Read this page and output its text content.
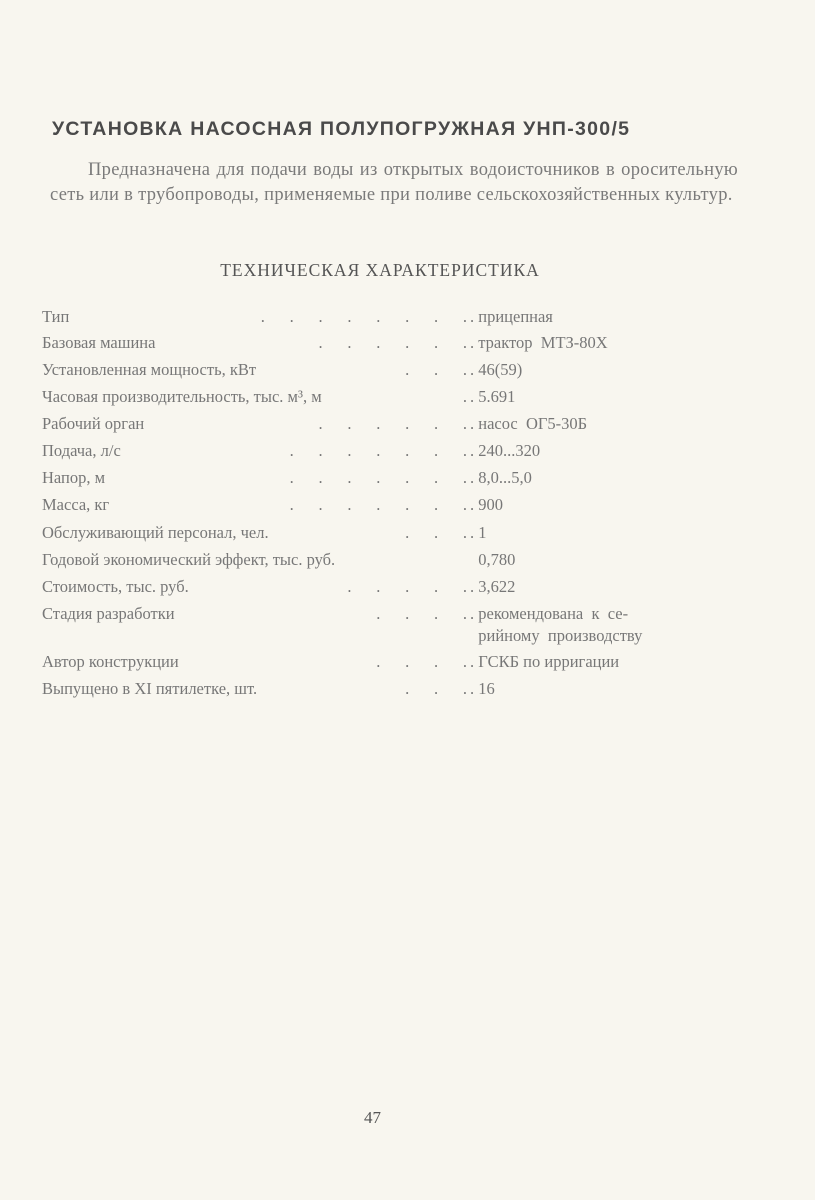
УСТАНОВКА НАСОСНАЯ ПОЛУПОГРУЖНАЯ УНП-300/5
Предназначена для подачи воды из открытых водоисточников в оросительную сеть или в трубопроводы, применяемые при поливе сельскохозяйственных культур.
ТЕХНИЧЕСКАЯ ХАРАКТЕРИСТИКА
.      .      .      .      .      .      .      .
Тип	. прицепная
.      .      .      .      .      .
Базовая машина	. трактор  МТЗ-80Х
.      .      .
Установленная мощность, кВт	. 46(59)
.
Часовая производительность, тыс. м³, м	. 5.691
.      .      .      .      .      .
Рабочий орган	. насос  ОГ5-30Б
.      .      .      .      .      .      .
Подача, л/с	. 240...320
.      .      .      .      .      .      .
Напор, м	. 8,0...5,0
.      .      .      .      .      .      .
Масса, кг	. 900
.      .      .
Обслуживающий персонал, чел.	. 1
Годовой экономический эффект, тыс. руб.	0,780
.      .      .      .      .
Стоимость, тыс. руб.	. 3,622
.      .      .      .
Стадия разработки	. рекомендована  к  се-
рийному  производству
.      .      .      .
Автор конструкции	. ГСКБ по ирригации
.      .      .
Выпущено в XI пятилетке, шт.	. 16
47
